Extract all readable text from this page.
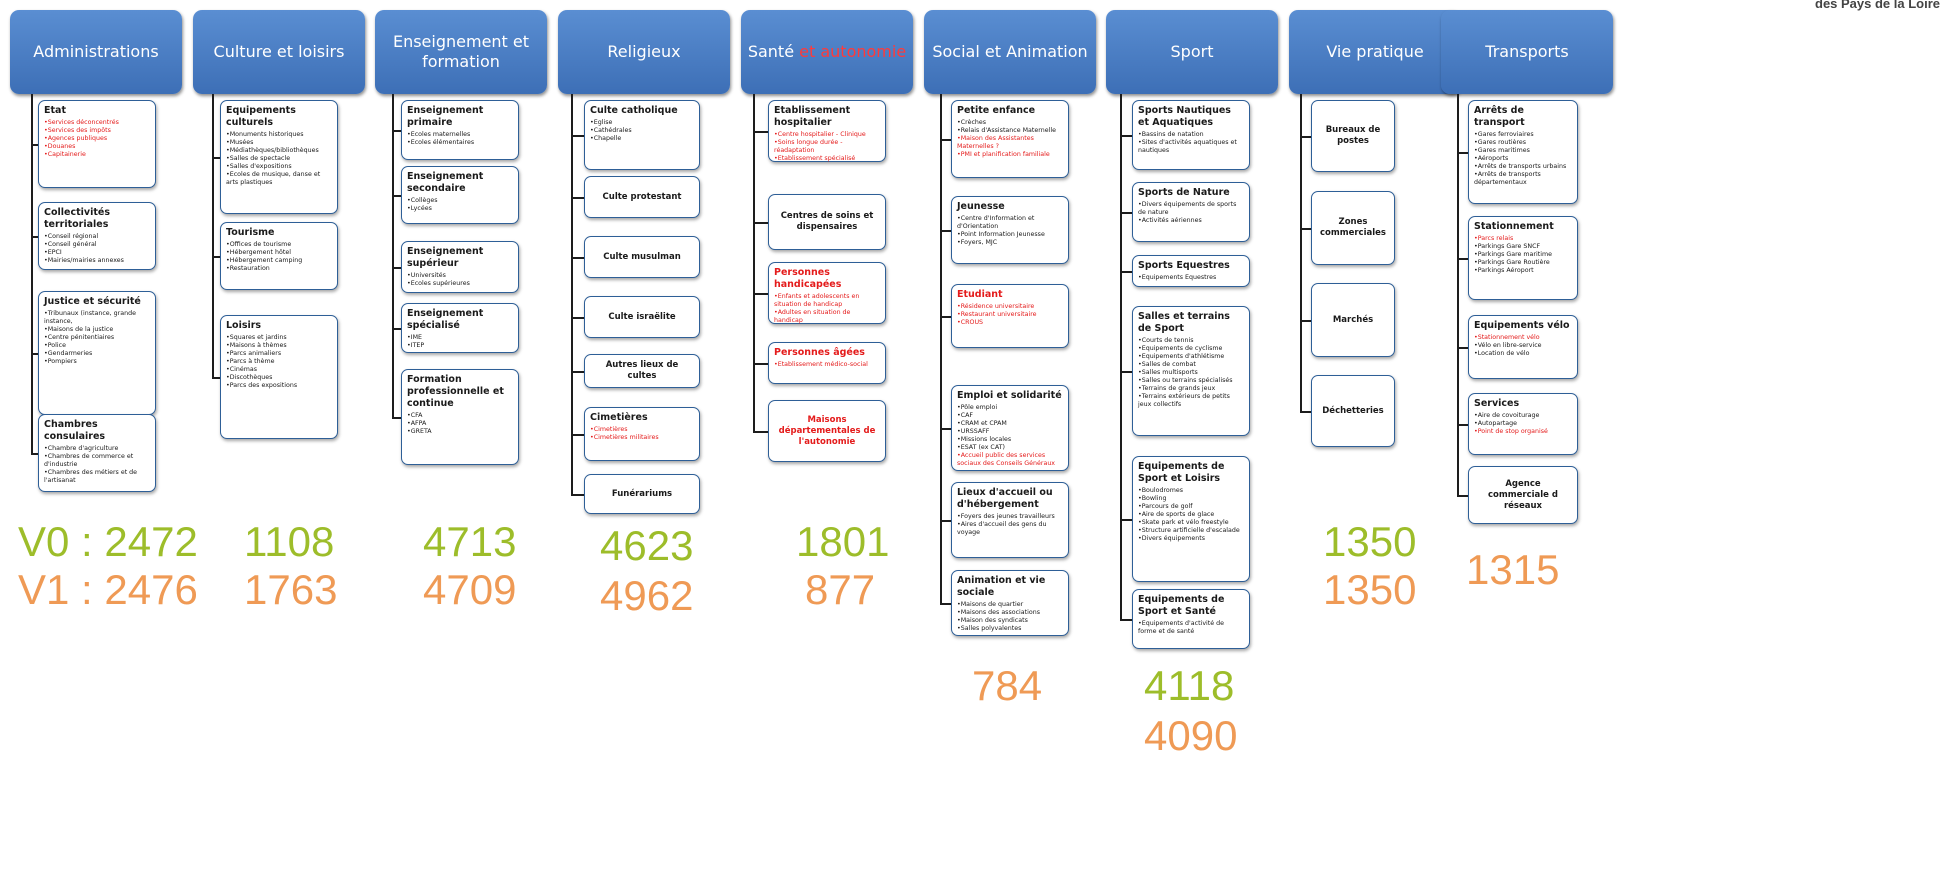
des Pays de la Loire
Administrations
Etat
• Services déconcentrés
• Services des impôts
• Agences publiques
• Douanes
• Capitainerie
Collectivités territoriales
• Conseil régional
• Conseil général
• EPCI
• Mairies/mairies annexes
Justice et sécurité
• Tribunaux (instance, grande instance,
• Maisons de la justice
• Centre pénitentiaires
• Police
• Gendarmeries
• Pompiers
Chambres consulaires
• Chambre d'agriculture
• Chambres de commerce et d'industrie
• Chambres des métiers et de l'artisanat
Culture et loisirs
Equipements culturels
• Monuments historiques
• Musées
• Médiathèques/bibliothèques
• Salles de spectacle
• Salles d'expositions
• Ecoles de musique, danse et arts plastiques
Tourisme
• Offices de tourisme
• Hébergement hôtel
• Hébergement camping
• Restauration
Loisirs
• Squares et jardins
• Maisons à thèmes
• Parcs animaliers
• Parcs à thème
• Cinémas
• Discothèques
• Parcs des expositions
Enseignement et formation
Enseignement primaire
• Ecoles maternelles
• Ecoles élémentaires
Enseignement secondaire
• Collèges
• Lycées
Enseignement supérieur
• Universités
• Ecoles supérieures
Enseignement spécialisé
• IME
• ITEP
Formation professionnelle et continue
• CFA
• AFPA
• GRETA
Religieux
Culte catholique
• Eglise
• Cathédrales
• Chapelle
Culte protestant
Culte musulman
Culte israëlite
Autres lieux de cultes
Cimetières
• Cimetières
• Cimetières militaires
Funérariums
Santé et autonomie
Etablissement hospitalier
• Centre hospitalier - Clinique
• Soins longue durée - réadaptation
• Etablissement spécialisé
Centres de soins et dispensaires
Personnes handicapées
• Enfants et adolescents en situation de handicap
• Adultes en situation de handicap
Personnes âgées
• Etablissement médico-social
Maisons départementales de l'autonomie
Social et Animation
Petite enfance
• Crèches
• Relais d'Assistance Maternelle
• Maison des Assistantes Maternelles ?
• PMI et planification familiale
Jeunesse
• Centre d'Information et d'Orientation
• Point Information Jeunesse
• Foyers, MJC
Etudiant
• Résidence universitaire
• Restaurant universitaire
• CROUS
Emploi et solidarité
• Pôle emploi
• CAF
• CRAM et CPAM
• URSSAFF
• Missions locales
• ESAT (ex CAT)
• Accueil public des services sociaux des Conseils Généraux
Lieux d'accueil ou d'hébergement
• Foyers des jeunes travailleurs
• Aires d'accueil des gens du voyage
Animation et vie sociale
• Maisons de quartier
• Maisons des associations
• Maison des syndicats
• Salles polyvalentes
Sport
Sports Nautiques et Aquatiques
• Bassins de natation
• Sites d'activités aquatiques et nautiques
Sports de Nature
• Divers équipements de sports de nature
• Activités aériennes
Sports Equestres
• Equipements Equestres
Salles et terrains de Sport
• Courts de tennis
• Equipements de cyclisme
• Equipements d'athlétisme
• Salles de combat
• Salles multisports
• Salles ou terrains spécialisés
• Terrains de grands jeux
• Terrains extérieurs de petits jeux collectifs
Equipements de Sport et Loisirs
• Boulodromes
• Bowling
• Parcours de golf
• Aire de sports de glace
• Skate park et vélo freestyle
• Structure artificielle d'escalade
• Divers équipements
Equipements de Sport et Santé
• Equipements d'activité de forme et de santé
Vie pratique
Bureaux de postes
Zones commerciales
Marchés
Déchetteries
Transports
Arrêts de transport
• Gares ferroviaires
• Gares routières
• Gares maritimes
• Aéroports
• Arrêts de transports urbains
• Arrêts de transports départementaux
Stationnement
• Parcs relais
• Parkings Gare SNCF
• Parkings Gare maritime
• Parkings Gare Routière
• Parkings Aéroport
Equipements vélo
• Stationnement vélo
• Vélo en libre-service
• Location de vélo
Services
• Aire de covoiturage
• Autopartage
• Point de stop organisé
Agence commerciale d réseaux
V0 : 2472
V1 : 2476
1108
1763
4713
4709
4623
4962
1801
877
784 4118
4090
1350
1350 1315
